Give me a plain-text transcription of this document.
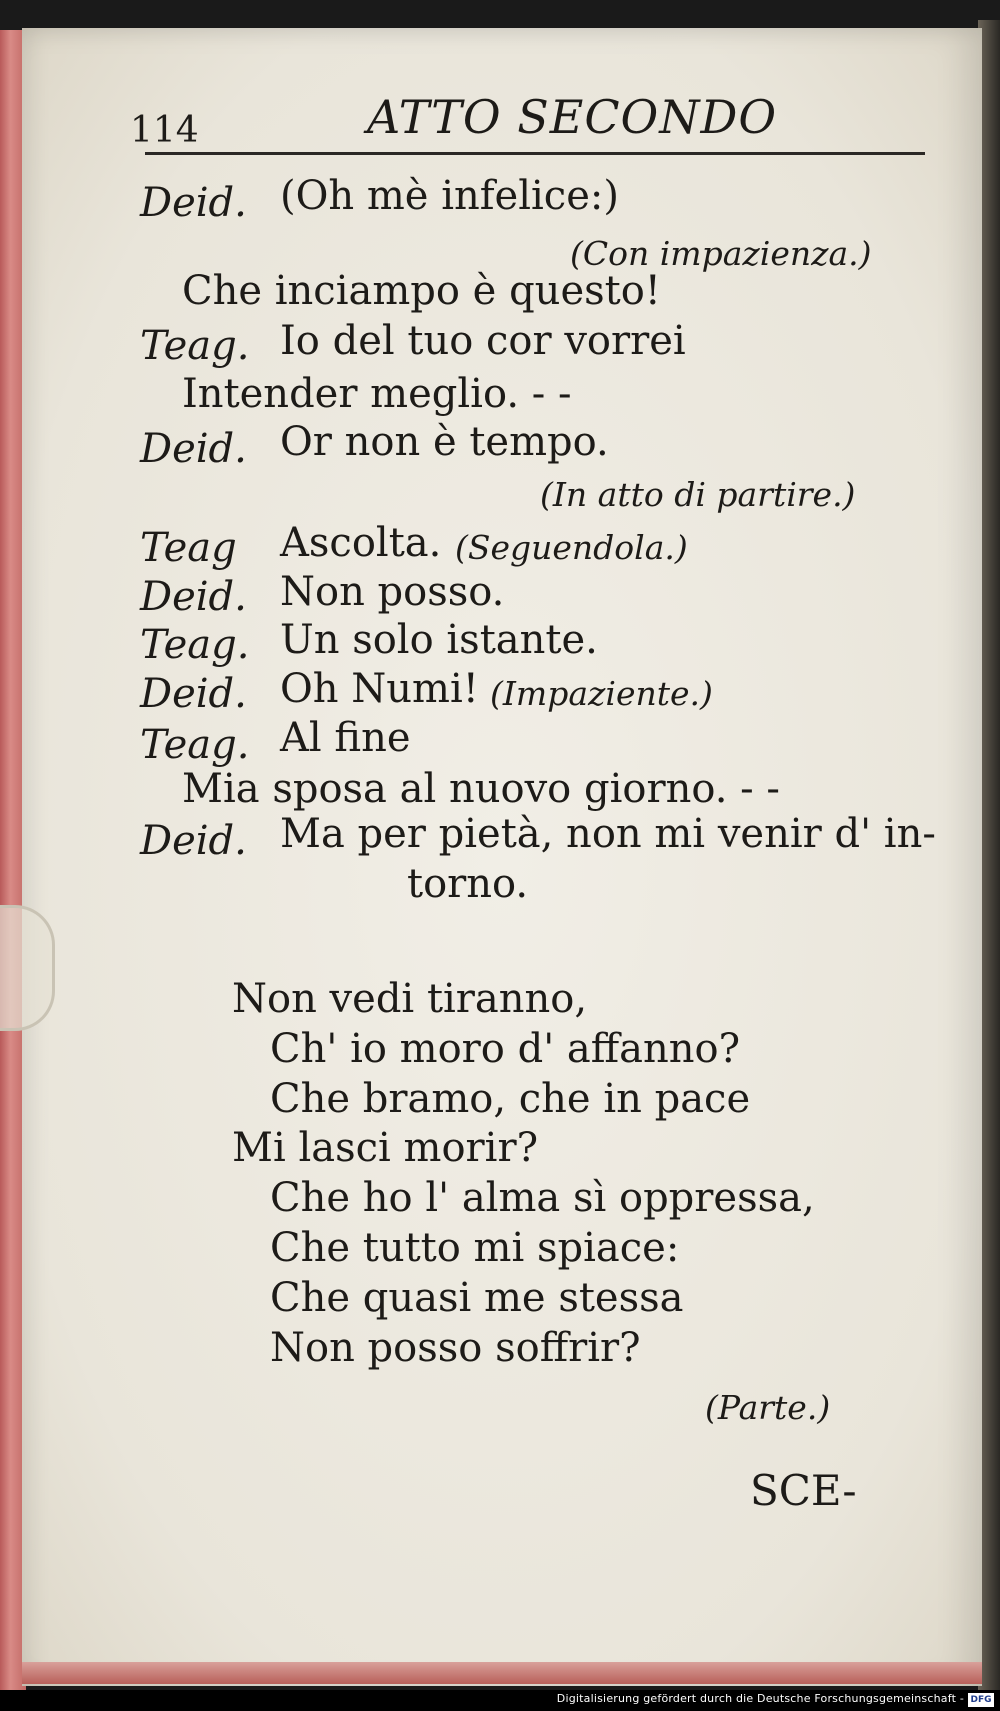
114	ATTO SECONDO
Deid. (Oh mè infelice:)
(Con impazienza.)
Che inciampo è questo!
Teag. Io del tuo cor vorrei
Intender meglio. - -
Deid. Or non è tempo.
(In atto di partire.)
Teag Ascolta. (Seguendola.)
Deid. Non posso.
Teag. Un solo istante.
Deid. Oh Numi! (Impaziente.)
Teag. Al fine
Mia sposa al nuovo giorno. - -
Deid. Ma per pietà, non mi venir d' in-
torno.
Non vedi tiranno,
Ch' io moro d' affanno?
Che bramo, che in pace
Mi lasci morir?
Che ho l' alma sì oppressa,
Che tutto mi spiace:
Che quasi me stessa
Non posso soffrir?
(Parte.)
SCE-
Digitalisierung gefördert durch die Deutsche Forschungsgemeinschaft - DFG
